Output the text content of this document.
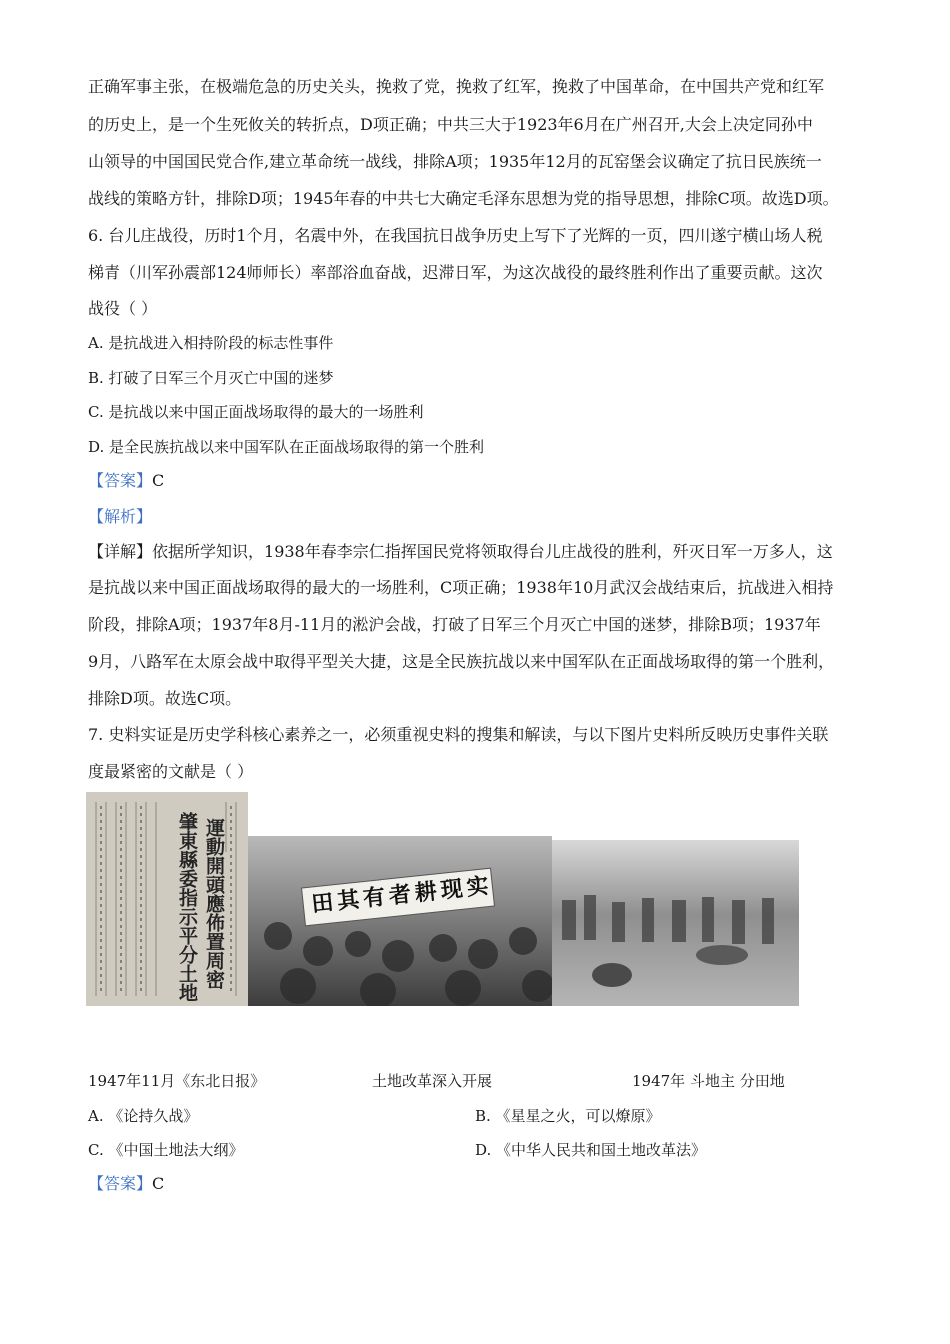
正确军事主张，在极端危急的历史关头，挽救了党，挽救了红军，挽救了中国革命，在中国共产党和红军
的历史上，是一个生死攸关的转折点，D项正确；中共三大于1923年6月在广州召开,大会上决定同孙中
山领导的中国国民党合作,建立革命统一战线，排除A项；1935年12月的瓦窑堡会议确定了抗日民族统一
战线的策略方针，排除D项；1945年春的中共七大确定毛泽东思想为党的指导思想，排除C项。故选D项。
6. 台儿庄战役，历时1个月，名震中外，在我国抗日战争历史上写下了光辉的一页，四川遂宁横山场人税
梯青（川军孙震部124师师长）率部浴血奋战，迟滞日军，为这次战役的最终胜利作出了重要贡献。这次
战役（ ）
A. 是抗战进入相持阶段的标志性事件
B. 打破了日军三个月灭亡中国的迷梦
C. 是抗战以来中国正面战场取得的最大的一场胜利
D. 是全民族抗战以来中国军队在正面战场取得的第一个胜利
【答案】C
【解析】
【详解】依据所学知识，1938年春李宗仁指挥国民党将领取得台儿庄战役的胜利，歼灭日军一万多人，这
是抗战以来中国正面战场取得的最大的一场胜利，C项正确；1938年10月武汉会战结束后，抗战进入相持
阶段，排除A项；1937年8月-11月的淞沪会战，打破了日军三个月灭亡中国的迷梦，排除B项；1937年
9月，八路军在太原会战中取得平型关大捷，这是全民族抗战以来中国军队在正面战场取得的第一个胜利，
排除D项。故选C项。
7. 史料实证是历史学科核心素养之一，必须重视史料的搜集和解读，与以下图片史料所反映历史事件关联
度最紧密的文献是（ ）
肇東縣委指示平分土地 運動開頭應佈置周密	实现耕者有其田
1947年11月《东北日报》	土地改革深入开展	1947年 斗地主 分田地
A. 《论持久战》	B. 《星星之火，可以燎原》
C. 《中国土地法大纲》	D. 《中华人民共和国土地改革法》
【答案】C
